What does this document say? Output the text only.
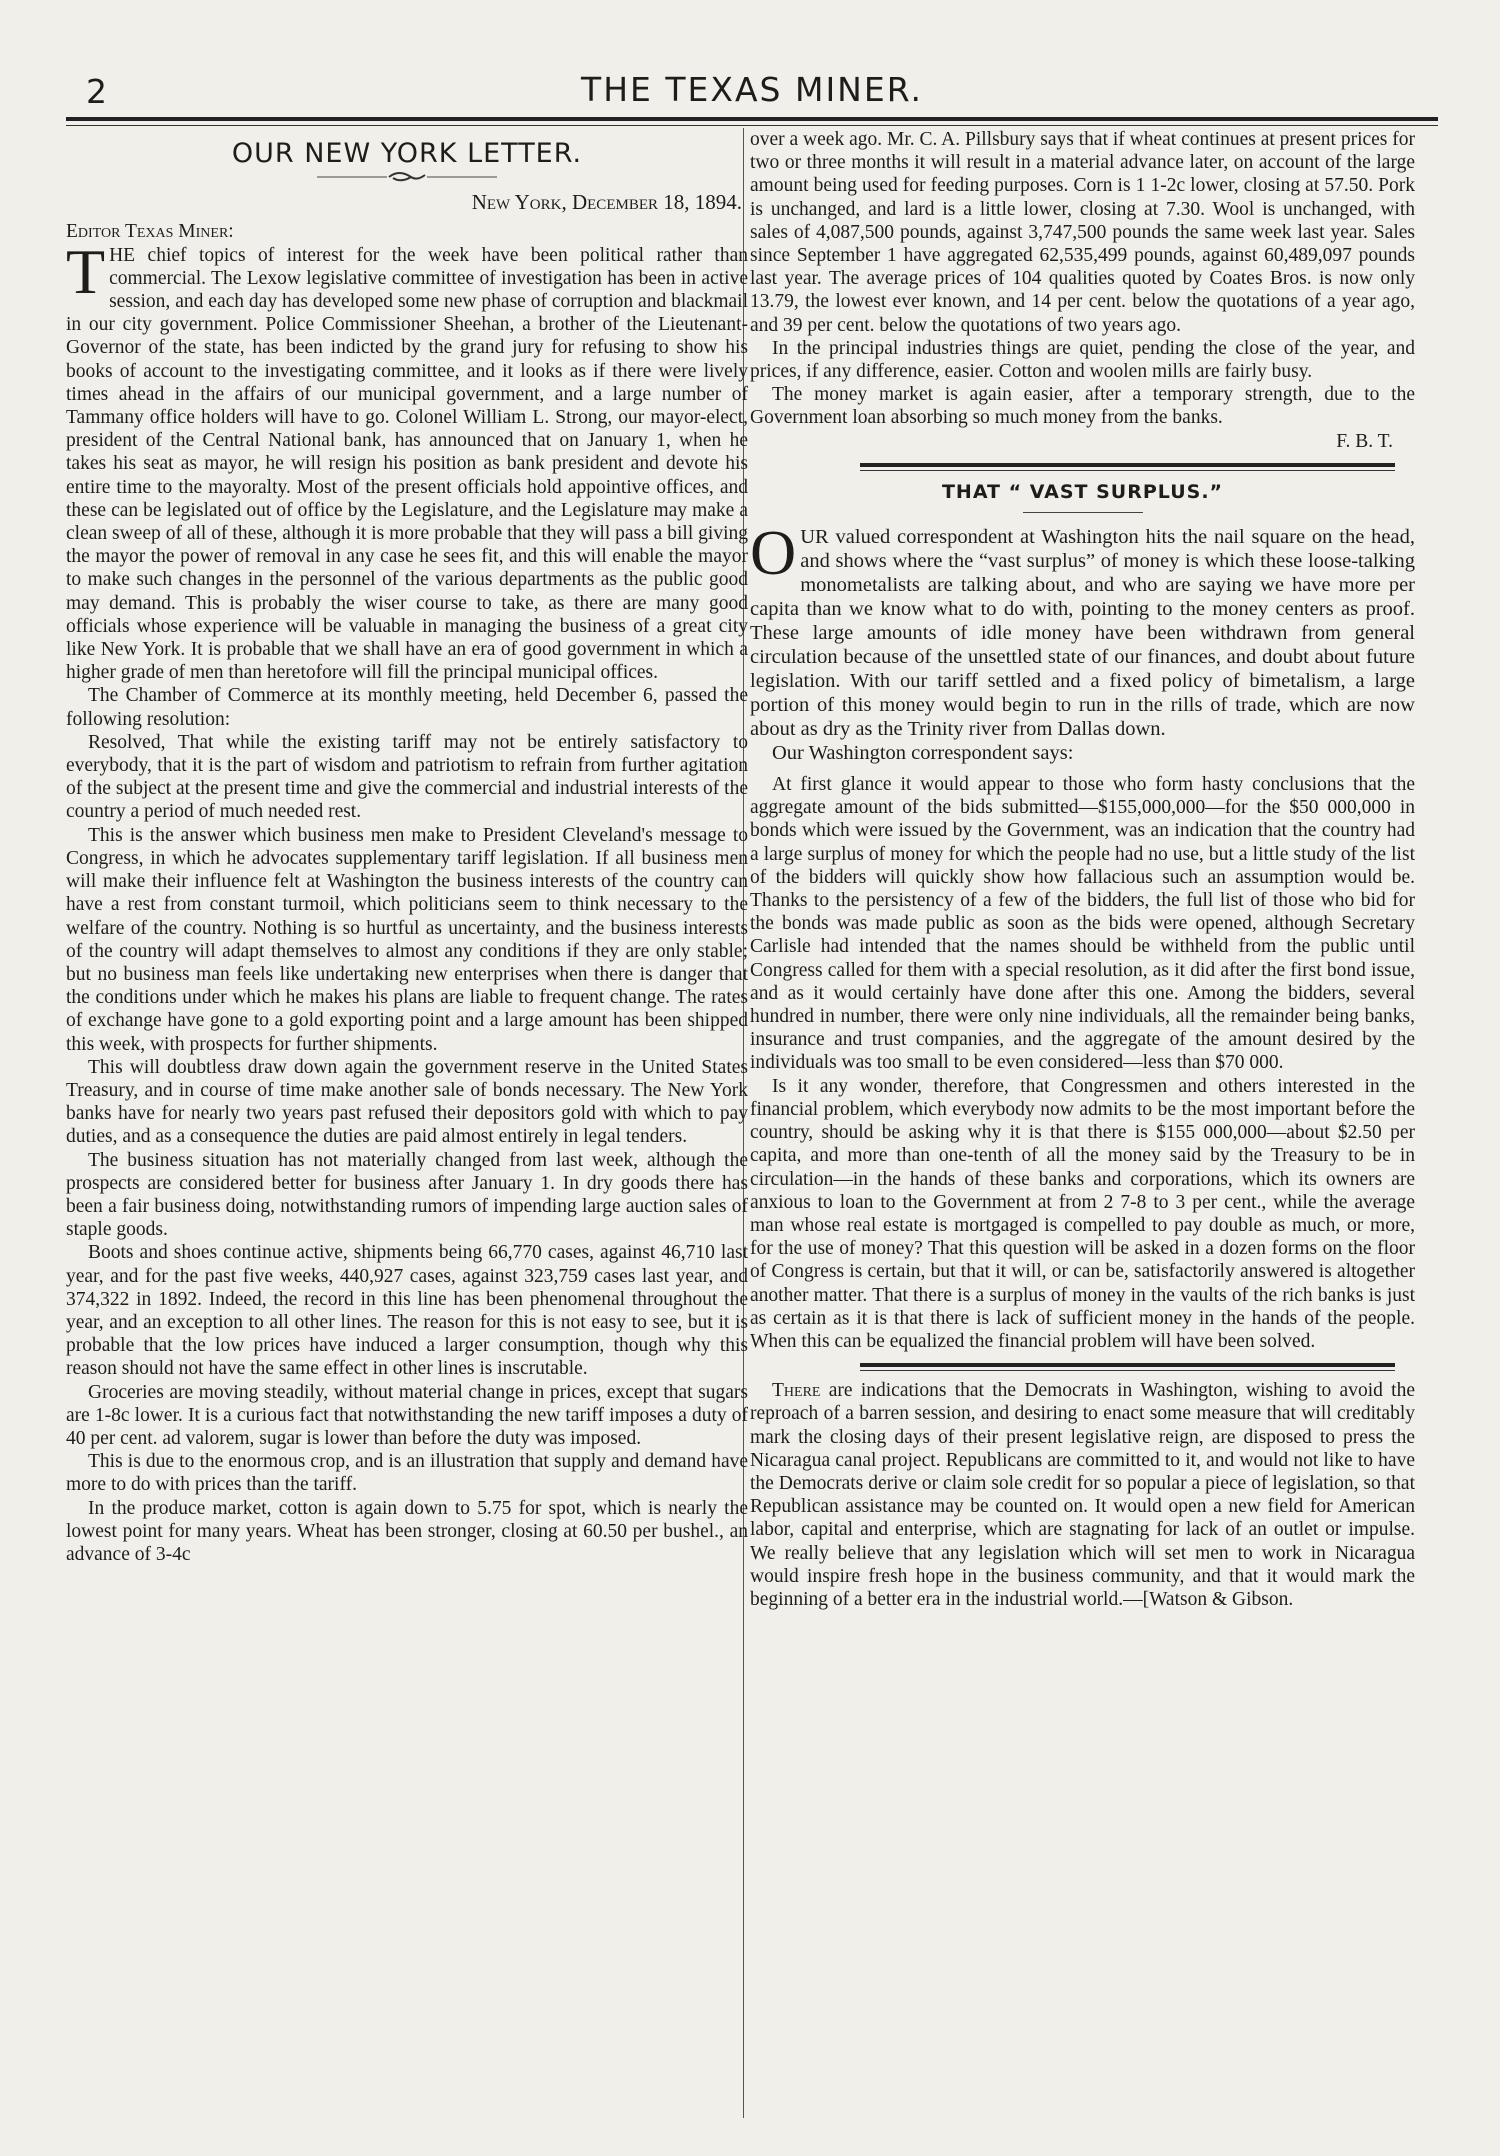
2	THE TEXAS MINER.
OUR NEW YORK LETTER.
New York, December 18, 1894.

Editor Texas Miner:

THE chief topics of interest for the week have been political rather than commercial. The Lexow legislative committee of investigation has been in active session, and each day has developed some new phase of corruption and blackmail in our city government. Police Commissioner Sheehan, a brother of the Lieutenant-Governor of the state, has been indicted by the grand jury for refusing to show his books of account to the investigating committee, and it looks as if there were lively times ahead in the affairs of our municipal government, and a large number of Tammany office holders will have to go. Colonel William L. Strong, our mayor-elect, president of the Central National bank, has announced that on January 1, when he takes his seat as mayor, he will resign his position as bank president and devote his entire time to the mayoralty. Most of the present officials hold appointive offices, and these can be legislated out of office by the Legislature, and the Legislature may make a clean sweep of all of these, although it is more probable that they will pass a bill giving the mayor the power of removal in any case he sees fit, and this will enable the mayor to make such changes in the personnel of the various departments as the public good may demand. This is probably the wiser course to take, as there are many good officials whose experience will be valuable in managing the business of a great city like New York. It is probable that we shall have an era of good government in which a higher grade of men than heretofore will fill the principal municipal offices.

The Chamber of Commerce at its monthly meeting, held December 6, passed the following resolution:

Resolved, That while the existing tariff may not be entirely satisfactory to everybody, that it is the part of wisdom and patriotism to refrain from further agitation of the subject at the present time and give the commercial and industrial interests of the country a period of much needed rest.

This is the answer which business men make to President Cleveland's message to Congress, in which he advocates supplementary tariff legislation. If all business men will make their influence felt at Washington the business interests of the country can have a rest from constant turmoil, which politicians seem to think necessary to the welfare of the country. Nothing is so hurtful as uncertainty, and the business interests of the country will adapt themselves to almost any conditions if they are only stable; but no business man feels like undertaking new enterprises when there is danger that the conditions under which he makes his plans are liable to frequent change. The rates of exchange have gone to a gold exporting point and a large amount has been shipped this week, with prospects for further shipments.

This will doubtless draw down again the government reserve in the United States Treasury, and in course of time make another sale of bonds necessary. The New York banks have for nearly two years past refused their depositors gold with which to pay duties, and as a consequence the duties are paid almost entirely in legal tenders.

The business situation has not materially changed from last week, although the prospects are considered better for business after January 1. In dry goods there has been a fair business doing, notwithstanding rumors of impending large auction sales of staple goods.

Boots and shoes continue active, shipments being 66,770 cases, against 46,710 last year, and for the past five weeks, 440,927 cases, against 323,759 cases last year, and 374,322 in 1892. Indeed, the record in this line has been phenomenal throughout the year, and an exception to all other lines. The reason for this is not easy to see, but it is probable that the low prices have induced a larger consumption, though why this reason should not have the same effect in other lines is inscrutable.

Groceries are moving steadily, without material change in prices, except that sugars are 1-8c lower. It is a curious fact that notwithstanding the new tariff imposes a duty of 40 per cent. ad valorem, sugar is lower than before the duty was imposed.

This is due to the enormous crop, and is an illustration that supply and demand have more to do with prices than the tariff.

In the produce market, cotton is again down to 5.75 for spot, which is nearly the lowest point for many years. Wheat has been stronger, closing at 60.50 per bushel., an advance of 3-4c

over a week ago. Mr. C. A. Pillsbury says that if wheat continues at present prices for two or three months it will result in a material advance later, on account of the large amount being used for feeding purposes. Corn is 1 1-2c lower, closing at 57.50. Pork is unchanged, and lard is a little lower, closing at 7.30. Wool is unchanged, with sales of 4,087,500 pounds, against 3,747,500 pounds the same week last year. Sales since September 1 have aggregated 62,535,499 pounds, against 60,489,097 pounds last year. The average prices of 104 qualities quoted by Coates Bros. is now only 13.79, the lowest ever known, and 14 per cent. below the quotations of a year ago, and 39 per cent. below the quotations of two years ago.

In the principal industries things are quiet, pending the close of the year, and prices, if any difference, easier. Cotton and woolen mills are fairly busy.

The money market is again easier, after a temporary strength, due to the Government loan absorbing so much money from the banks.

F. B. T.
THAT “ VAST SURPLUS.”

OUR valued correspondent at Washington hits the nail square on the head, and shows where the “vast surplus” of money is which these loose-talking monometalists are talking about, and who are saying we have more per capita than we know what to do with, pointing to the money centers as proof. These large amounts of idle money have been withdrawn from general circulation because of the unsettled state of our finances, and doubt about future legislation. With our tariff settled and a fixed policy of bimetalism, a large portion of this money would begin to run in the rills of trade, which are now about as dry as the Trinity river from Dallas down.

Our Washington correspondent says:

At first glance it would appear to those who form hasty conclusions that the aggregate amount of the bids submitted—$155,000,000—for the $50 000,000 in bonds which were issued by the Government, was an indication that the country had a large surplus of money for which the people had no use, but a little study of the list of the bidders will quickly show how fallacious such an assumption would be. Thanks to the persistency of a few of the bidders, the full list of those who bid for the bonds was made public as soon as the bids were opened, although Secretary Carlisle had intended that the names should be withheld from the public until Congress called for them with a special resolution, as it did after the first bond issue, and as it would certainly have done after this one. Among the bidders, several hundred in number, there were only nine individuals, all the remainder being banks, insurance and trust companies, and the aggregate of the amount desired by the individuals was too small to be even considered—less than $70 000.

Is it any wonder, therefore, that Congressmen and others interested in the financial problem, which everybody now admits to be the most important before the country, should be asking why it is that there is $155 000,000—about $2.50 per capita, and more than one-tenth of all the money said by the Treasury to be in circulation—in the hands of these banks and corporations, which its owners are anxious to loan to the Government at from 2 7-8 to 3 per cent., while the average man whose real estate is mortgaged is compelled to pay double as much, or more, for the use of money? That this question will be asked in a dozen forms on the floor of Congress is certain, but that it will, or can be, satisfactorily answered is altogether another matter. That there is a surplus of money in the vaults of the rich banks is just as certain as it is that there is lack of sufficient money in the hands of the people. When this can be equalized the financial problem will have been solved.

There are indications that the Democrats in Washington, wishing to avoid the reproach of a barren session, and desiring to enact some measure that will creditably mark the closing days of their present legislative reign, are disposed to press the Nicaragua canal project. Republicans are committed to it, and would not like to have the Democrats derive or claim sole credit for so popular a piece of legislation, so that Republican assistance may be counted on. It would open a new field for American labor, capital and enterprise, which are stagnating for lack of an outlet or impulse. We really believe that any legislation which will set men to work in Nicaragua would inspire fresh hope in the business community, and that it would mark the beginning of a better era in the industrial world.—[Watson & Gibson.
